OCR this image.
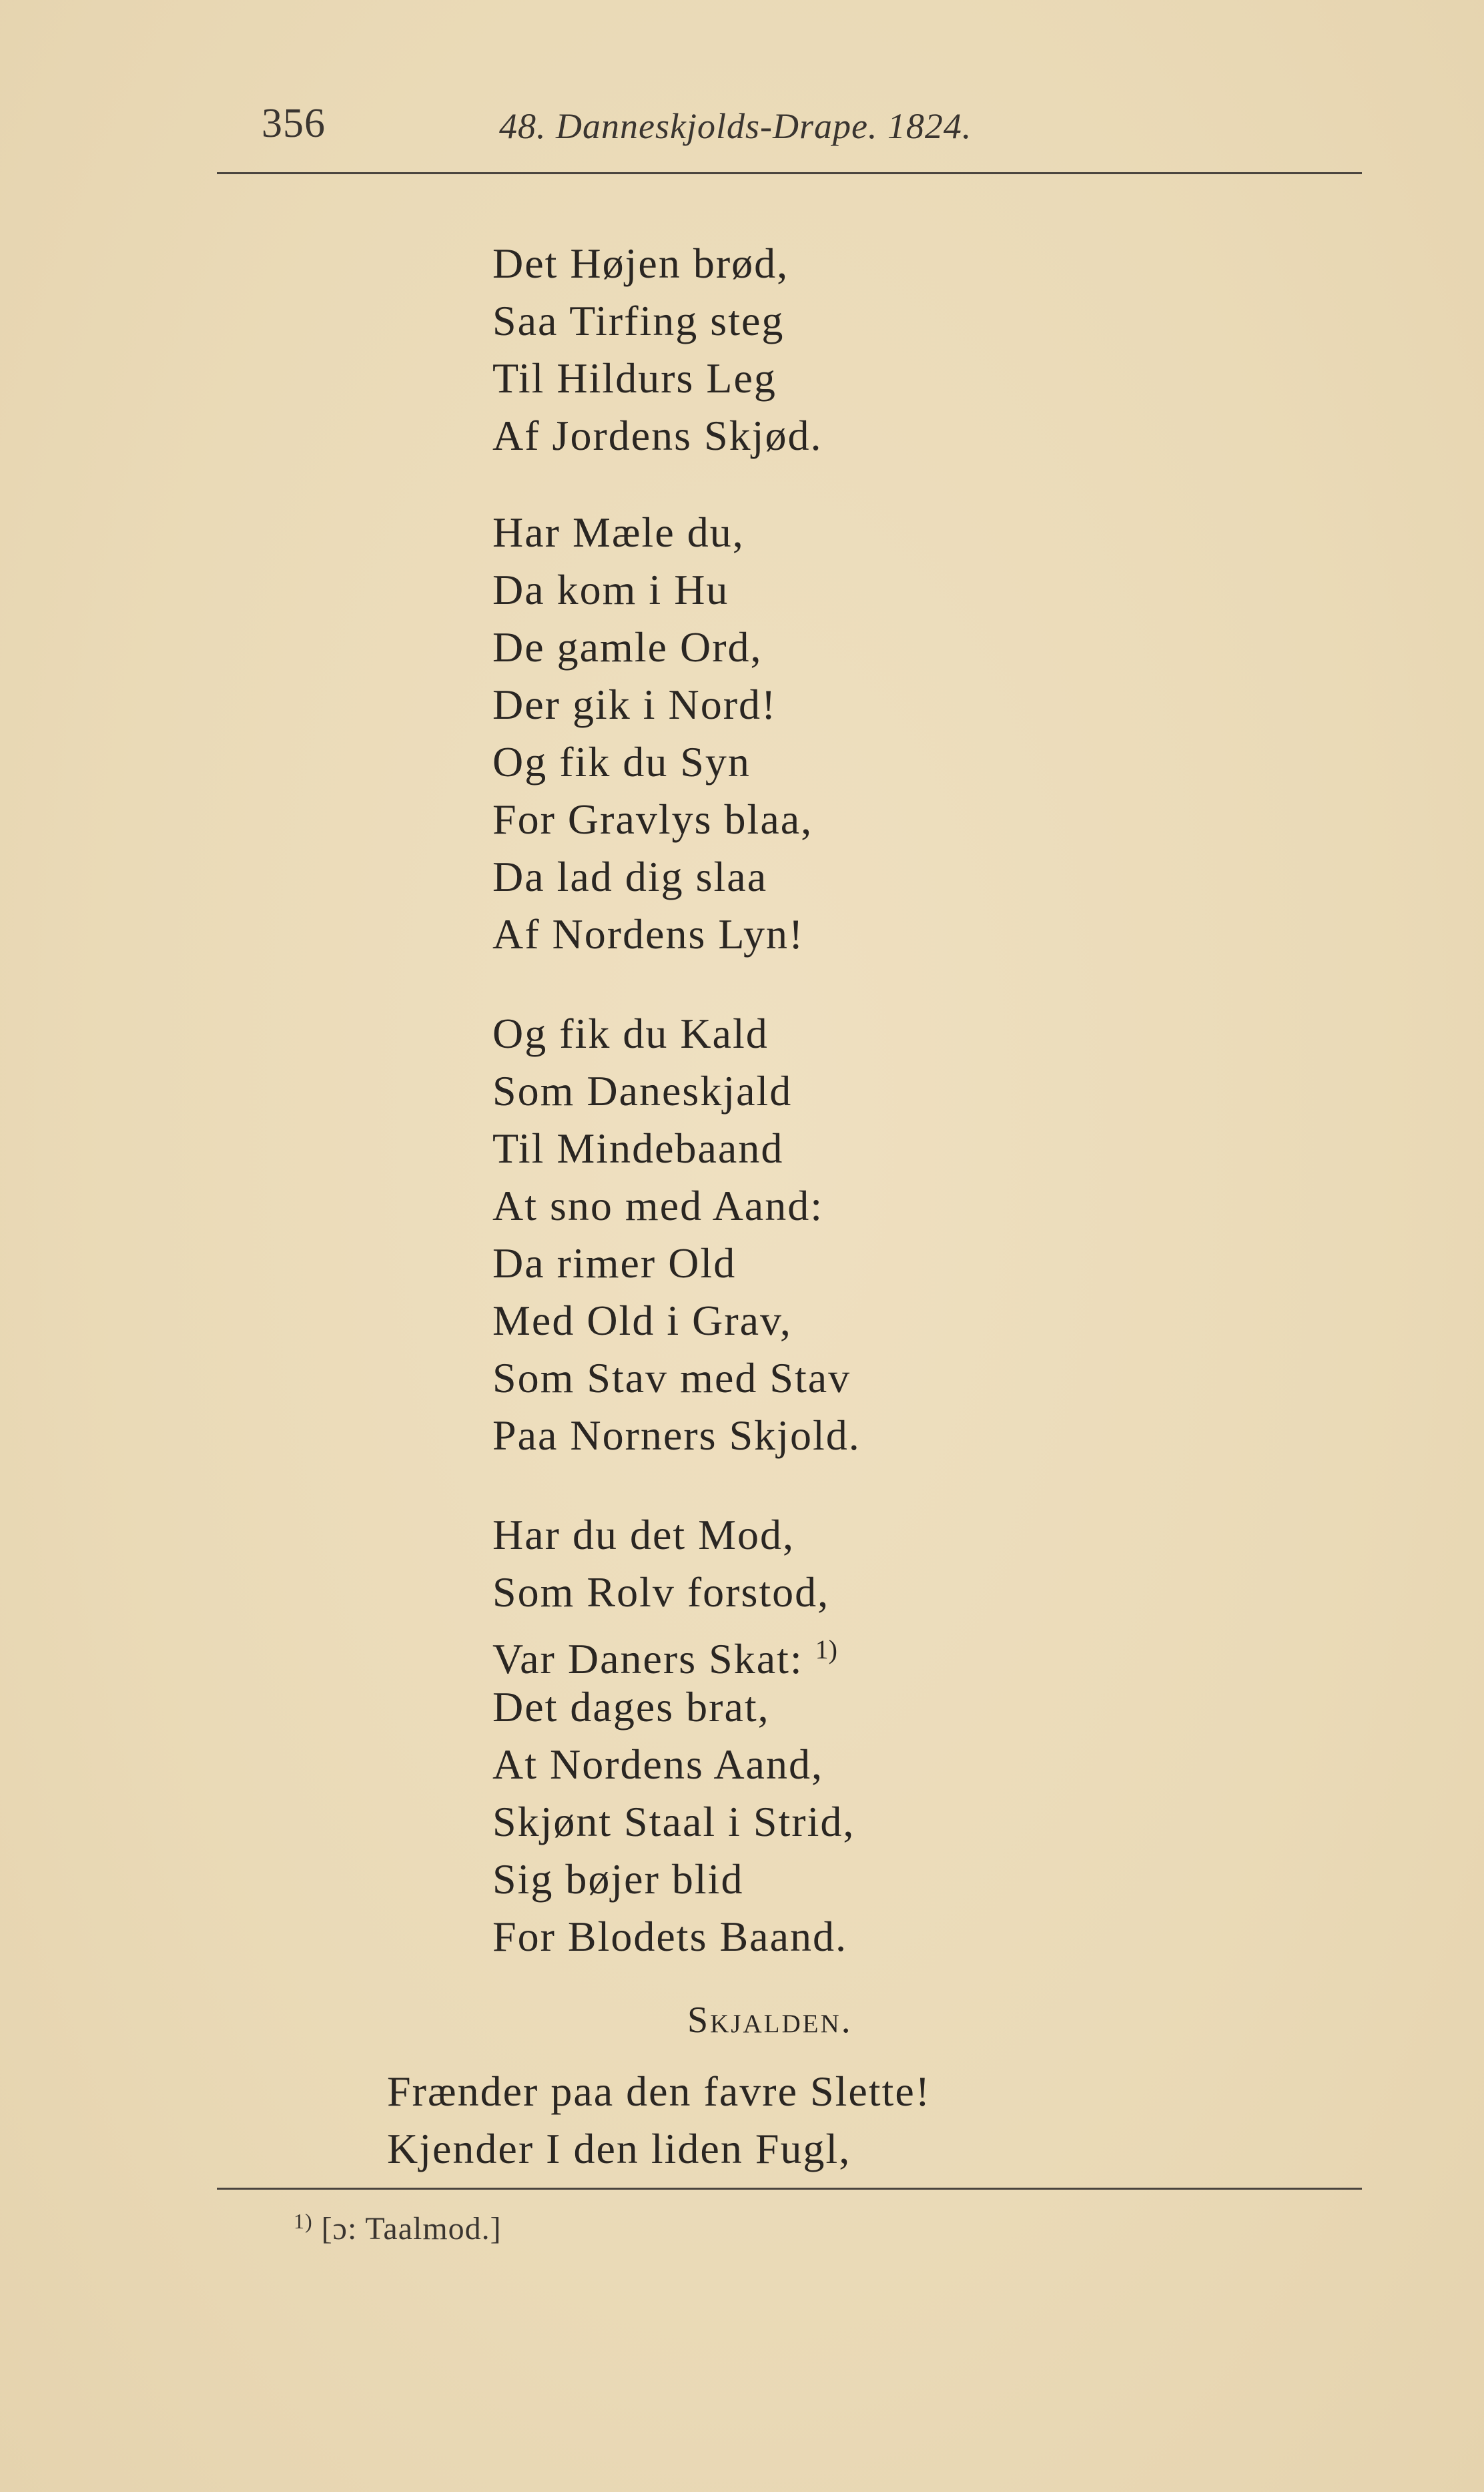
356	48. Danneskjolds-Drape. 1824.
Det Højen brød,
Saa Tirfing steg
Til Hildurs Leg
Af Jordens Skjød.
Har Mæle du,
Da kom i Hu
De gamle Ord,
Der gik i Nord!
Og fik du Syn
For Gravlys blaa,
Da lad dig slaa
Af Nordens Lyn!
Og fik du Kald
Som Daneskjald
Til Mindebaand
At sno med Aand:
Da rimer Old
Med Old i Grav,
Som Stav med Stav
Paa Norners Skjold.
Har du det Mod,
Som Rolv forstod,
Var Daners Skat: $^{1)}$
Det dages brat,
At Nordens Aand,
Skjønt Staal i Strid,
Sig bøjer blid
For Blodets Baand.
Skjalden.
Frænder paa den favre Slette!
Kjender I den liden Fugl,
$^{1)}$ [ɔ: Taalmod.]
